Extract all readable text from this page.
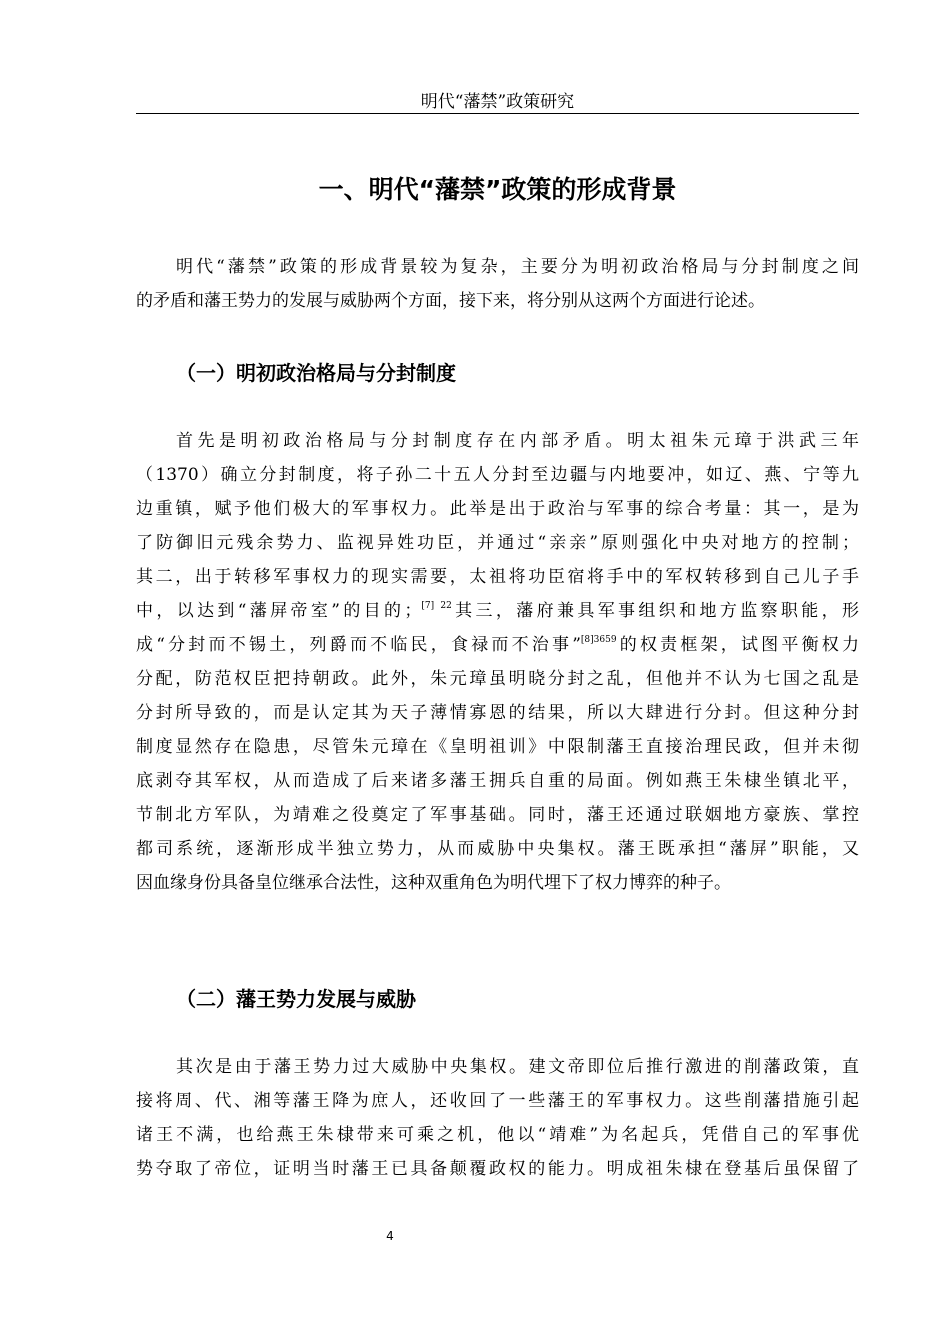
明代“藩禁”政策研究
一、明代“藩禁”政策的形成背景
明代“藩禁”政策的形成背景较为复杂，主要分为明初政治格局与分封制度之间
的矛盾和藩王势力的发展与威胁两个方面，接下来，将分别从这两个方面进行论述。
（一）明初政治格局与分封制度
首先是明初政治格局与分封制度存在内部矛盾。明太祖朱元璋于洪武三年
（1370）确立分封制度，将子孙二十五人分封至边疆与内地要冲，如辽、燕、宁等九
边重镇，赋予他们极大的军事权力。此举是出于政治与军事的综合考量：其一，是为
了防御旧元残余势力、监视异姓功臣，并通过“亲亲”原则强化中央对地方的控制；
其二，出于转移军事权力的现实需要，太祖将功臣宿将手中的军权转移到自己儿子手
中，以达到“藩屏帝室”的目的；$^{[7] 22}$其三，藩府兼具军事组织和地方监察职能，形
成“分封而不锡土，列爵而不临民，食禄而不治事”$^{[8]3659}$的权责框架，试图平衡权力
分配，防范权臣把持朝政。此外，朱元璋虽明晓分封之乱，但他并不认为七国之乱是
分封所导致的，而是认定其为天子薄情寡恩的结果，所以大肆进行分封。但这种分封
制度显然存在隐患，尽管朱元璋在《皇明祖训》中限制藩王直接治理民政，但并未彻
底剥夺其军权，从而造成了后来诸多藩王拥兵自重的局面。例如燕王朱棣坐镇北平，
节制北方军队，为靖难之役奠定了军事基础。同时，藩王还通过联姻地方豪族、掌控
都司系统，逐渐形成半独立势力，从而威胁中央集权。藩王既承担“藩屏”职能，又
因血缘身份具备皇位继承合法性，这种双重角色为明代埋下了权力博弈的种子。
（二）藩王势力发展与威胁
其次是由于藩王势力过大威胁中央集权。建文帝即位后推行激进的削藩政策，直
接将周、代、湘等藩王降为庶人，还收回了一些藩王的军事权力。这些削藩措施引起
诸王不满，也给燕王朱棣带来可乘之机，他以“靖难”为名起兵，凭借自己的军事优
势夺取了帝位，证明当时藩王已具备颠覆政权的能力。明成祖朱棣在登基后虽保留了
4
